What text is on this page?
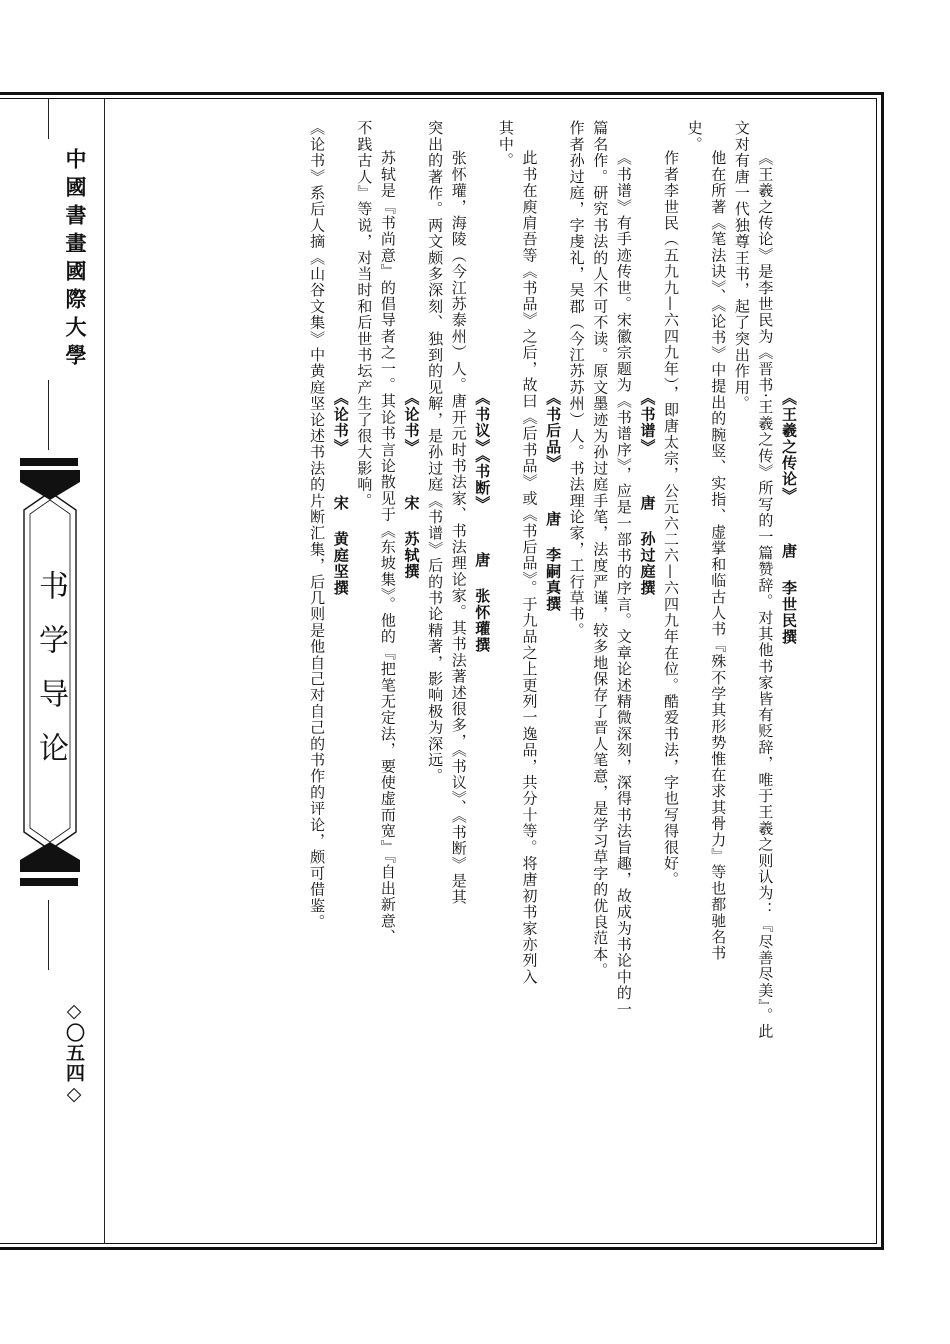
中國書畫國際大學
书学导论
◇〇五四◇
《王羲之传论》唐李世民撰
《王羲之传论》是李世民为《晋书·王羲之传》所写的一篇赞辞。对其他书家皆有贬辞，唯于王羲之则认为：『尽善尽美』。此
文对有唐一代独尊王书，起了突出作用。
他在所著《笔法诀》、《论书》中提出的腕竖、实指、虚掌和临古人书『殊不学其形势惟在求其骨力』等也都驰名书
史。
作者李世民（五九九—六四九年），即唐太宗，公元六二六—六四九年在位。酷爱书法，字也写得很好。
《书谱》唐孙过庭撰
《书谱》有手迹传世。宋徽宗题为《书谱序》，应是一部书的序言。文章论述精微深刻，深得书法旨趣，故成为书论中的一
篇名作。研究书法的人不可不读。原文墨迹为孙过庭手笔，法度严谨，较多地保存了晋人笔意，是学习草字的优良范本。
作者孙过庭，字虔礼，吴郡（今江苏苏州）人。书法理论家，工行草书。
《书后品》唐李嗣真撰
此书在庾肩吾等《书品》之后，故曰《后书品》或《书后品》。于九品之上更列一逸品，共分十等。将唐初书家亦列入
其中。
《书议》《书断》唐张怀瓘撰
张怀瓘，海陵（今江苏泰州）人。唐开元时书法家、书法理论家。其书法著述很多，《书议》、《书断》是其
突出的著作。两文颇多深刻、独到的见解，是孙过庭《书谱》后的书论精著，影响极为深远。
《论书》宋苏轼撰
苏轼是『书尚意』的倡导者之一。其论书言论散见于《东坡集》。他的『把笔无定法，要使虚而宽』『自出新意、
不践古人』等说，对当时和后世书坛产生了很大影响。
《论书》宋黄庭坚撰
《论书》系后人摘《山谷文集》中黄庭坚论述书法的片断汇集，后几则是他自己对自己的书作的评论，颇可借鉴。
